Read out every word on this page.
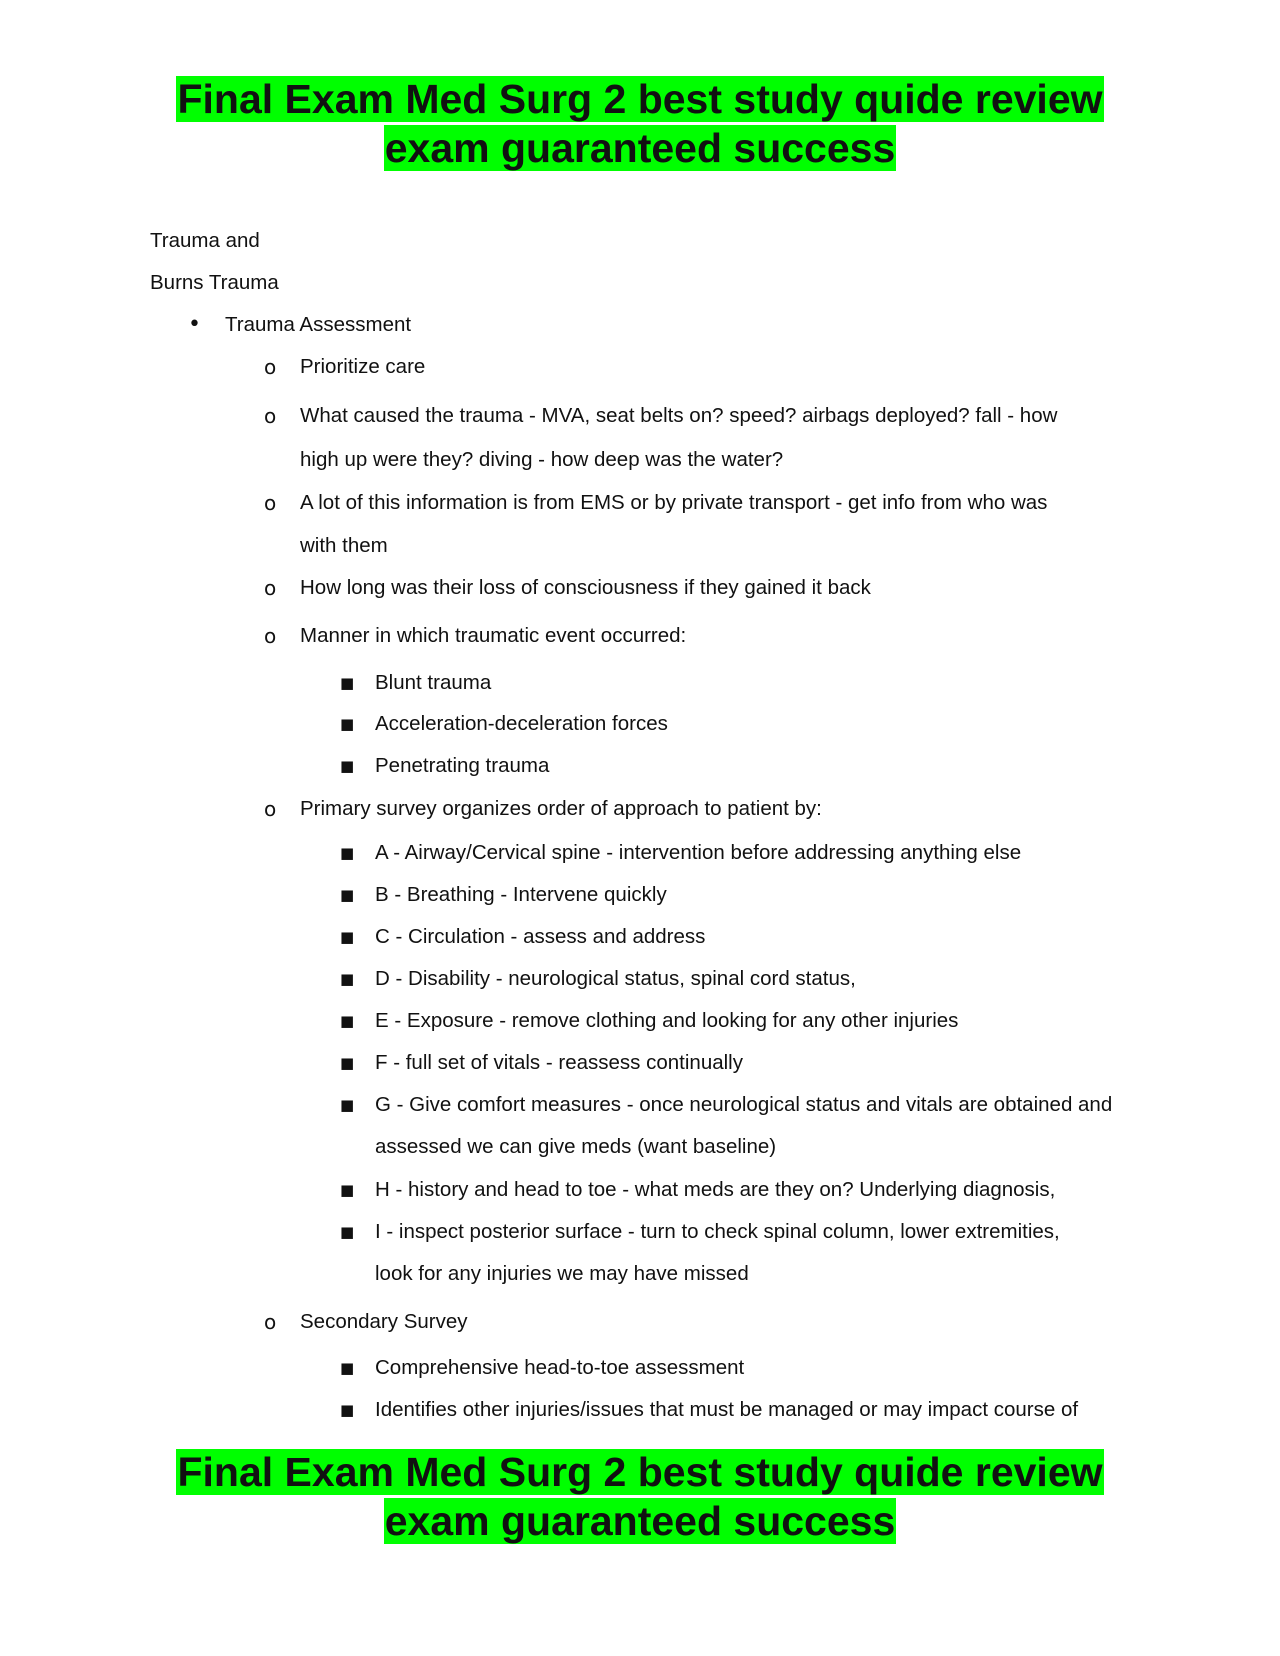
Final Exam Med Surg 2 best study quide review
exam guaranteed success
Trauma and
Burns Trauma
• Trauma Assessment
o Prioritize care
o What caused the trauma - MVA, seat belts on? speed? airbags deployed? fall - how
high up were they? diving - how deep was the water?
o A lot of this information is from EMS or by private transport - get info from who was
with them
o How long was their loss of consciousness if they gained it back
o Manner in which traumatic event occurred:
■ Blunt trauma
■ Acceleration-deceleration forces
■ Penetrating trauma
o Primary survey organizes order of approach to patient by:
■ A - Airway/Cervical spine - intervention before addressing anything else
■ B - Breathing - Intervene quickly
■ C - Circulation - assess and address
■ D - Disability - neurological status, spinal cord status,
■ E - Exposure - remove clothing and looking for any other injuries
■ F - full set of vitals - reassess continually
■ G - Give comfort measures - once neurological status and vitals are obtained and
assessed we can give meds (want baseline)
■ H - history and head to toe - what meds are they on? Underlying diagnosis,
■ I - inspect posterior surface - turn to check spinal column, lower extremities,
look for any injuries we may have missed
o Secondary Survey
■ Comprehensive head-to-toe assessment
■ Identifies other injuries/issues that must be managed or may impact course of
Final Exam Med Surg 2 best study quide review
exam guaranteed success
